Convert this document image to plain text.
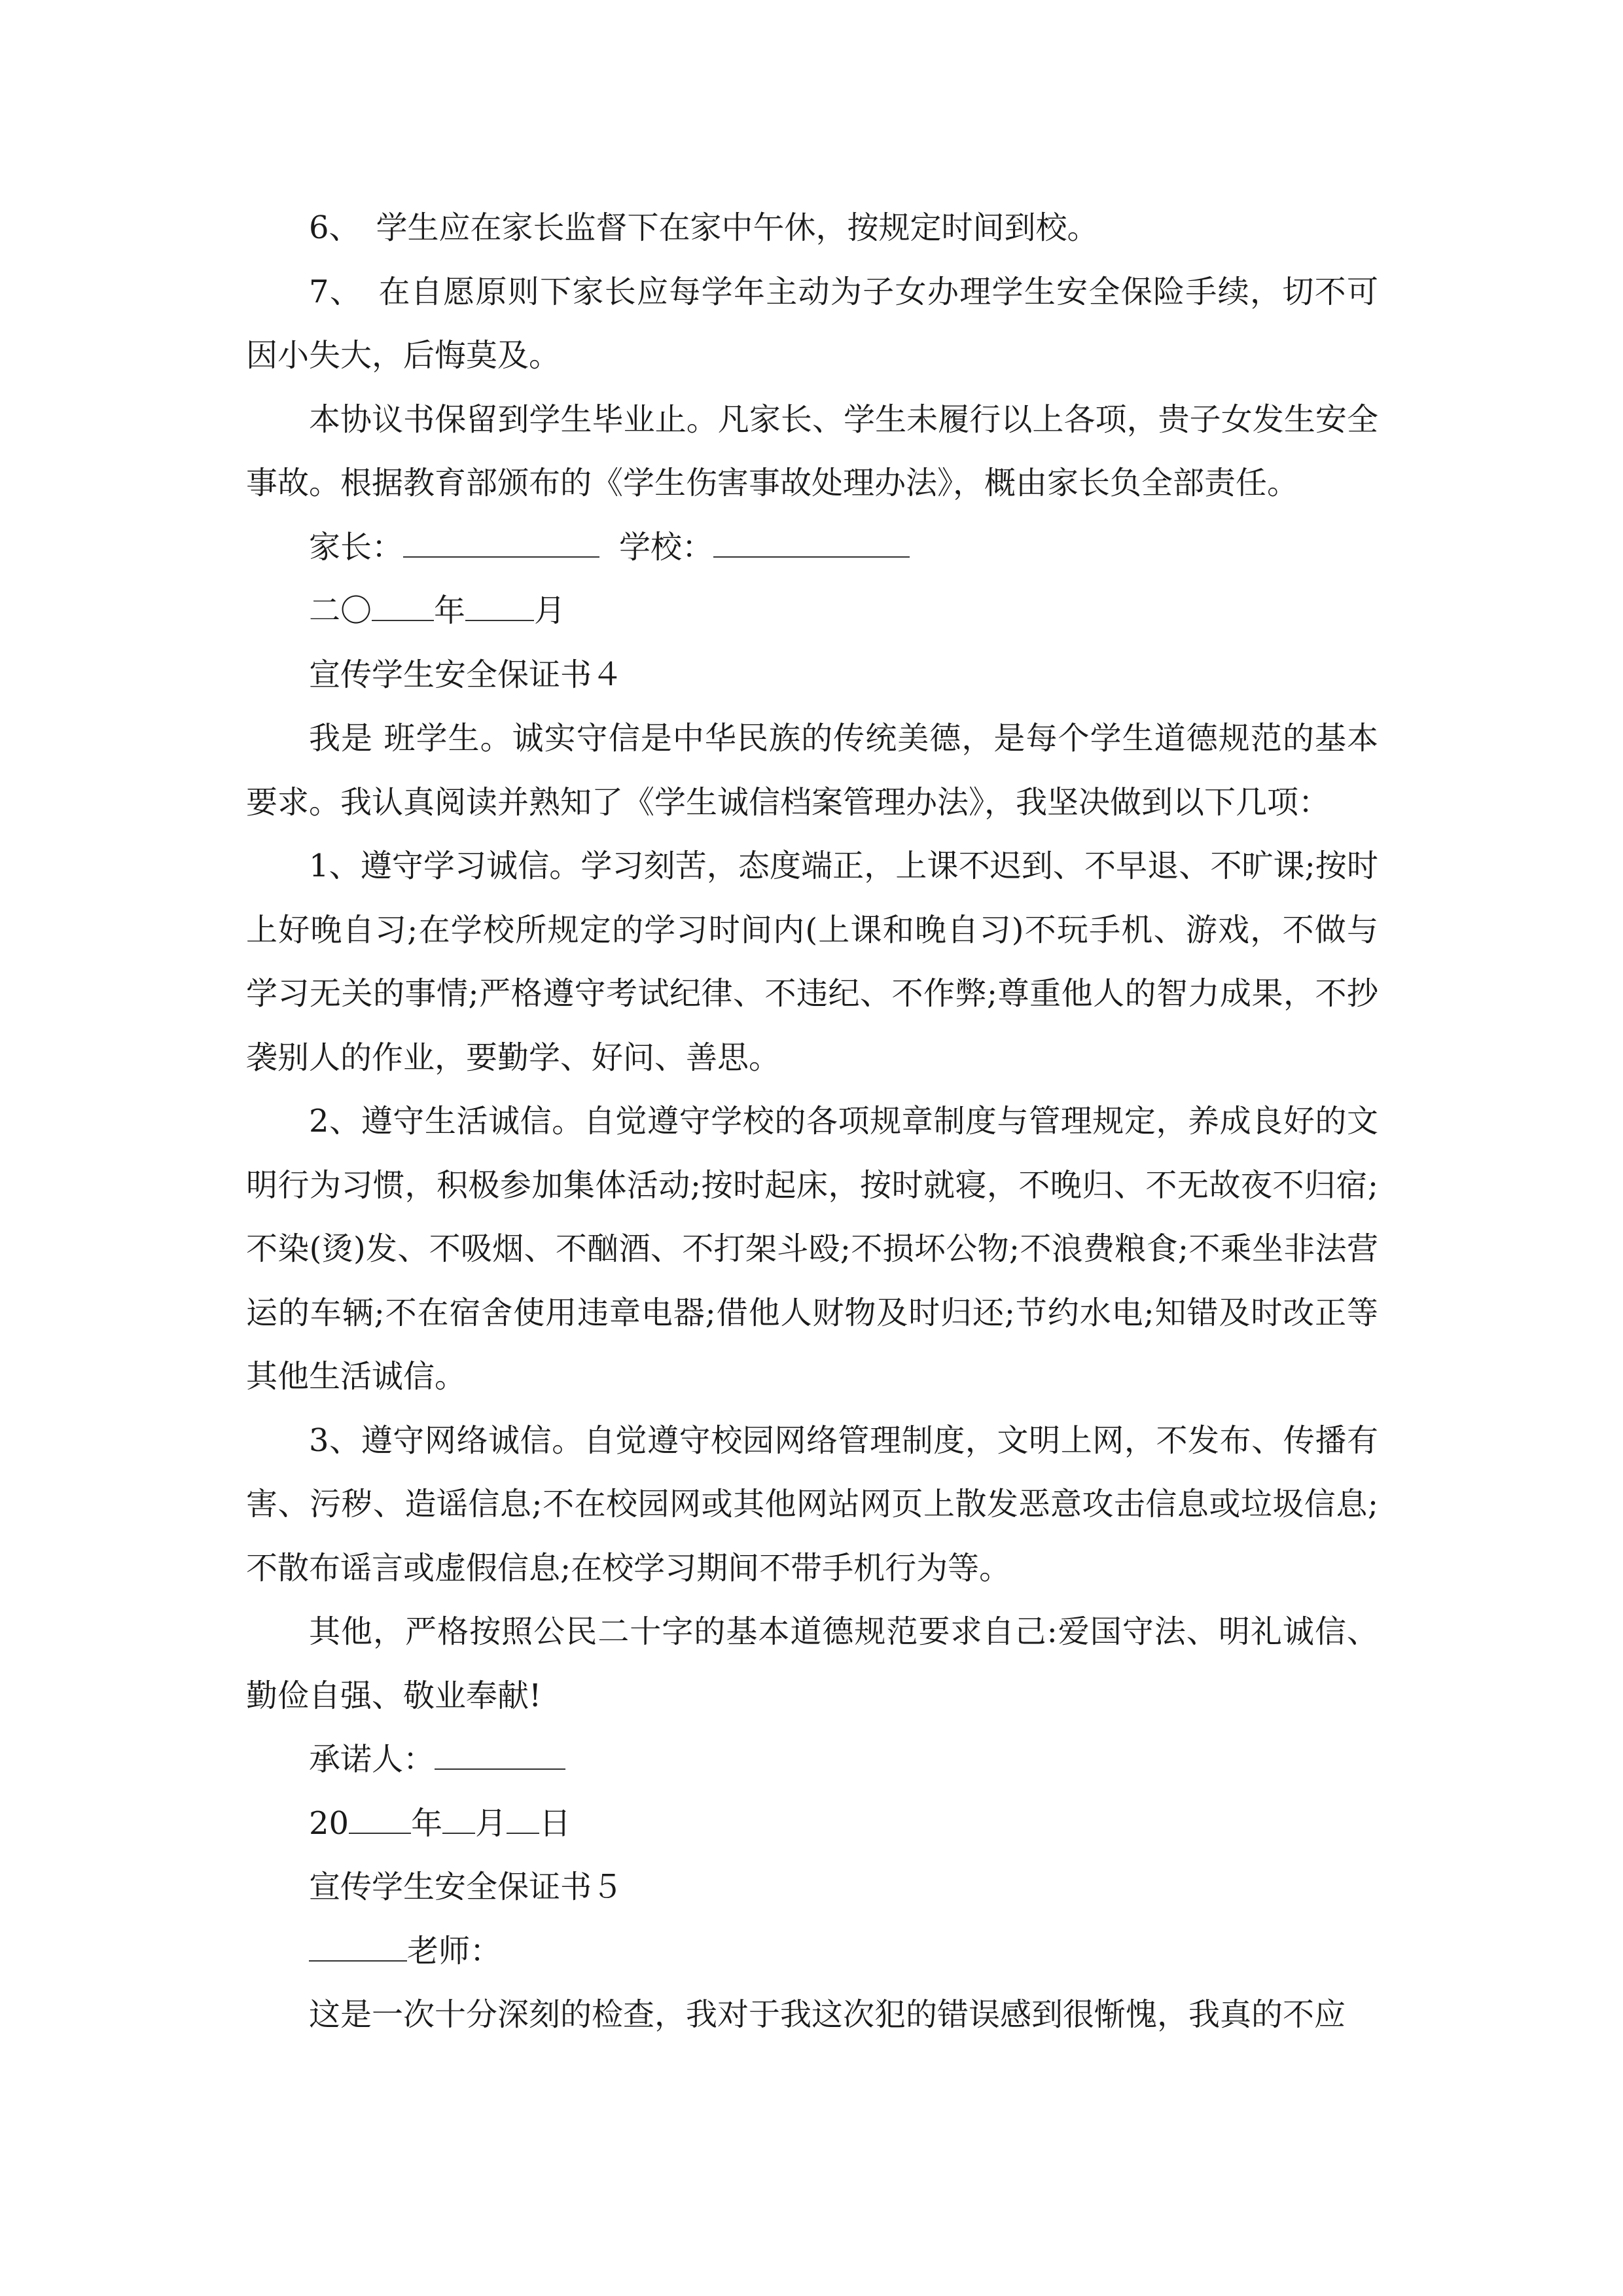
6、　学生应在家长监督下在家中午休，按规定时间到校。

7、　在自愿原则下家长应每学年主动为子女办理学生安全保险手续，切不可因小失大，后悔莫及。

本协议书保留到学生毕业止。凡家长、学生未履行以上各项，贵子女发生安全事故。根据教育部颁布的《学生伤害事故处理办法》，概由家长负全部责任。

家长：	学校：

二〇 年 月

宣传学生安全保证书４

我是 班学生。诚实守信是中华民族的传统美德，是每个学生道德规范的基本要求。我认真阅读并熟知了《学生诚信档案管理办法》，我坚决做到以下几项：

1、遵守学习诚信。学习刻苦，态度端正，上课不迟到、不早退、不旷课;按时上好晚自习;在学校所规定的学习时间内(上课和晚自习)不玩手机、游戏，不做与学习无关的事情;严格遵守考试纪律、不违纪、不作弊;尊重他人的智力成果，不抄袭别人的作业，要勤学、好问、善思。

2、遵守生活诚信。自觉遵守学校的各项规章制度与管理规定，养成良好的文明行为习惯，积极参加集体活动;按时起床，按时就寝，不晚归、不无故夜不归宿;不染(烫)发、不吸烟、不酗酒、不打架斗殴;不损坏公物;不浪费粮食;不乘坐非法营运的车辆;不在宿舍使用违章电器;借他人财物及时归还;节约水电;知错及时改正等其他生活诚信。

3、遵守网络诚信。自觉遵守校园网络管理制度，文明上网，不发布、传播有害、污秽、造谣信息;不在校园网或其他网站网页上散发恶意攻击信息或垃圾信息;不散布谣言或虚假信息;在校学习期间不带手机行为等。

其他，严格按照公民二十字的基本道德规范要求自己:爱国守法、明礼诚信、勤俭自强、敬业奉献!

承诺人：

20 年 月 日

宣传学生安全保证书５

老师：

这是一次十分深刻的检查，我对于我这次犯的错误感到很惭愧，我真的不应
